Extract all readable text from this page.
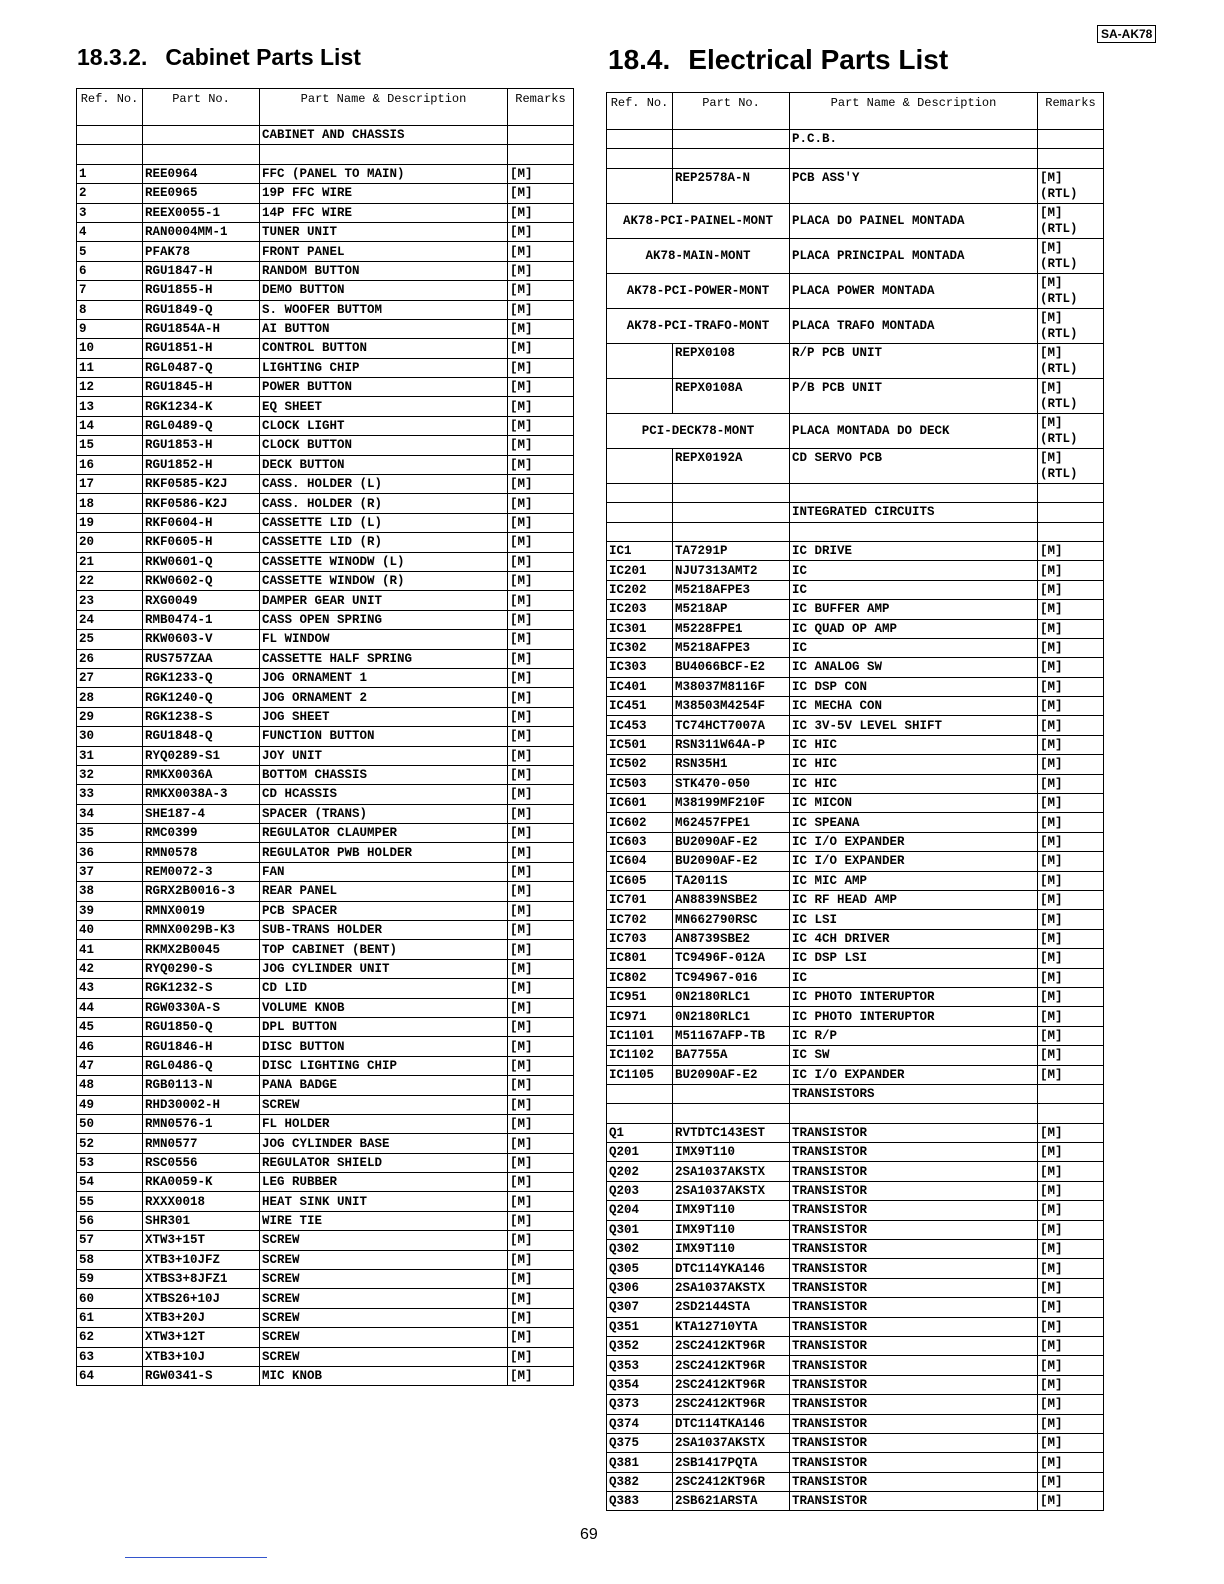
SA-AK78
18.3.2. Cabinet Parts List	18.4. Electrical Parts List
Ref. No.	Part No.	Part Name & Description	Remarks
		CABINET AND CHASSIS	

1	REE0964	FFC (PANEL TO MAIN)	[M]
2	REE0965	19P FFC WIRE	[M]
3	REEX0055-1	14P FFC WIRE	[M]
4	RAN0004MM-1	TUNER UNIT	[M]
5	PFAK78	FRONT PANEL	[M]
6	RGU1847-H	RANDOM BUTTON	[M]
7	RGU1855-H	DEMO BUTTON	[M]
8	RGU1849-Q	S. WOOFER BUTTOM	[M]
9	RGU1854A-H	AI BUTTON	[M]
10	RGU1851-H	CONTROL BUTTON	[M]
11	RGL0487-Q	LIGHTING CHIP	[M]
12	RGU1845-H	POWER BUTTON	[M]
13	RGK1234-K	EQ SHEET	[M]
14	RGL0489-Q	CLOCK LIGHT	[M]
15	RGU1853-H	CLOCK BUTTON	[M]
16	RGU1852-H	DECK BUTTON	[M]
17	RKF0585-K2J	CASS. HOLDER (L)	[M]
18	RKF0586-K2J	CASS. HOLDER (R)	[M]
19	RKF0604-H	CASSETTE LID (L)	[M]
20	RKF0605-H	CASSETTE LID (R)	[M]
21	RKW0601-Q	CASSETTE WINODW (L)	[M]
22	RKW0602-Q	CASSETTE WINDOW (R)	[M]
23	RXG0049	DAMPER GEAR UNIT	[M]
24	RMB0474-1	CASS OPEN SPRING	[M]
25	RKW0603-V	FL WINDOW	[M]
26	RUS757ZAA	CASSETTE HALF SPRING	[M]
27	RGK1233-Q	JOG ORNAMENT 1	[M]
28	RGK1240-Q	JOG ORNAMENT 2	[M]
29	RGK1238-S	JOG SHEET	[M]
30	RGU1848-Q	FUNCTION BUTTON	[M]
31	RYQ0289-S1	JOY UNIT	[M]
32	RMKX0036A	BOTTOM CHASSIS	[M]
33	RMKX0038A-3	CD HCASSIS	[M]
34	SHE187-4	SPACER (TRANS)	[M]
35	RMC0399	REGULATOR CLAUMPER	[M]
36	RMN0578	REGULATOR PWB HOLDER	[M]
37	REM0072-3	FAN	[M]
38	RGRX2B0016-3	REAR PANEL	[M]
39	RMNX0019	PCB SPACER	[M]
40	RMNX0029B-K3	SUB-TRANS HOLDER	[M]
41	RKMX2B0045	TOP CABINET (BENT)	[M]
42	RYQ0290-S	JOG CYLINDER UNIT	[M]
43	RGK1232-S	CD LID	[M]
44	RGW0330A-S	VOLUME KNOB	[M]
45	RGU1850-Q	DPL BUTTON	[M]
46	RGU1846-H	DISC BUTTON	[M]
47	RGL0486-Q	DISC LIGHTING CHIP	[M]
48	RGB0113-N	PANA BADGE	[M]
49	RHD30002-H	SCREW	[M]
50	RMN0576-1	FL HOLDER	[M]
52	RMN0577	JOG CYLINDER BASE	[M]
53	RSC0556	REGULATOR SHIELD	[M]
54	RKA0059-K	LEG RUBBER	[M]
55	RXXX0018	HEAT SINK UNIT	[M]
56	SHR301	WIRE TIE	[M]
57	XTW3+15T	SCREW	[M]
58	XTB3+10JFZ	SCREW	[M]
59	XTBS3+8JFZ1	SCREW	[M]
60	XTBS26+10J	SCREW	[M]
61	XTB3+20J	SCREW	[M]
62	XTW3+12T	SCREW	[M]
63	XTB3+10J	SCREW	[M]
64	RGW0341-S	MIC KNOB	[M]
Ref. No.	Part No.	Part Name & Description	Remarks
		P.C.B.	

	REP2578A-N	PCB ASS'Y	[M]
(RTL)

AK78-PCI-PAINEL-MONT		PLACA DO PAINEL MONTADA	[M]
(RTL)

AK78-MAIN-MONT		PLACA PRINCIPAL MONTADA	[M]
(RTL)

AK78-PCI-POWER-MONT		PLACA POWER MONTADA	[M]
(RTL)

AK78-PCI-TRAFO-MONT		PLACA TRAFO MONTADA	[M]
(RTL)

	REPX0108	R/P PCB UNIT	[M]
(RTL)

	REPX0108A	P/B PCB UNIT	[M]
(RTL)

PCI-DECK78-MONT		PLACA MONTADA DO DECK	[M]
(RTL)

	REPX0192A	CD SERVO PCB	[M]
(RTL)

		INTEGRATED CIRCUITS	

IC1	TA7291P	IC DRIVE	[M]
IC201	NJU7313AMT2	IC	[M]
IC202	M5218AFPE3	IC	[M]
IC203	M5218AP	IC BUFFER AMP	[M]
IC301	M5228FPE1	IC QUAD OP AMP	[M]
IC302	M5218AFPE3	IC	[M]
IC303	BU4066BCF-E2	IC ANALOG SW	[M]
IC401	M38037M8116F	IC DSP CON	[M]
IC451	M38503M4254F	IC MECHA CON	[M]
IC453	TC74HCT7007A	IC 3V-5V LEVEL SHIFT	[M]
IC501	RSN311W64A-P	IC HIC	[M]
IC502	RSN35H1	IC HIC	[M]
IC503	STK470-050	IC HIC	[M]
IC601	M38199MF210F	IC MICON	[M]
IC602	M62457FPE1	IC SPEANA	[M]
IC603	BU2090AF-E2	IC I/O EXPANDER	[M]
IC604	BU2090AF-E2	IC I/O EXPANDER	[M]
IC605	TA2011S	IC MIC AMP	[M]
IC701	AN8839NSBE2	IC RF HEAD AMP	[M]
IC702	MN662790RSC	IC LSI	[M]
IC703	AN8739SBE2	IC 4CH DRIVER	[M]
IC801	TC9496F-012A	IC DSP LSI	[M]
IC802	TC94967-016	IC	[M]
IC951	0N2180RLC1	IC PHOTO INTERUPTOR	[M]
IC971	0N2180RLC1	IC PHOTO INTERUPTOR	[M]
IC1101	M51167AFP-TB	IC R/P	[M]
IC1102	BA7755A	IC SW	[M]
IC1105	BU2090AF-E2	IC I/O EXPANDER	[M]
		TRANSISTORS	

Q1	RVTDTC143EST	TRANSISTOR	[M]
Q201	IMX9T110	TRANSISTOR	[M]
Q202	2SA1037AKSTX	TRANSISTOR	[M]
Q203	2SA1037AKSTX	TRANSISTOR	[M]
Q204	IMX9T110	TRANSISTOR	[M]
Q301	IMX9T110	TRANSISTOR	[M]
Q302	IMX9T110	TRANSISTOR	[M]
Q305	DTC114YKA146	TRANSISTOR	[M]
Q306	2SA1037AKSTX	TRANSISTOR	[M]
Q307	2SD2144STA	TRANSISTOR	[M]
Q351	KTA12710YTA	TRANSISTOR	[M]
Q352	2SC2412KT96R	TRANSISTOR	[M]
Q353	2SC2412KT96R	TRANSISTOR	[M]
Q354	2SC2412KT96R	TRANSISTOR	[M]
Q373	2SC2412KT96R	TRANSISTOR	[M]
Q374	DTC114TKA146	TRANSISTOR	[M]
Q375	2SA1037AKSTX	TRANSISTOR	[M]
Q381	2SB1417PQTA	TRANSISTOR	[M]
Q382	2SC2412KT96R	TRANSISTOR	[M]
Q383	2SB621ARSTA	TRANSISTOR	[M]
69
